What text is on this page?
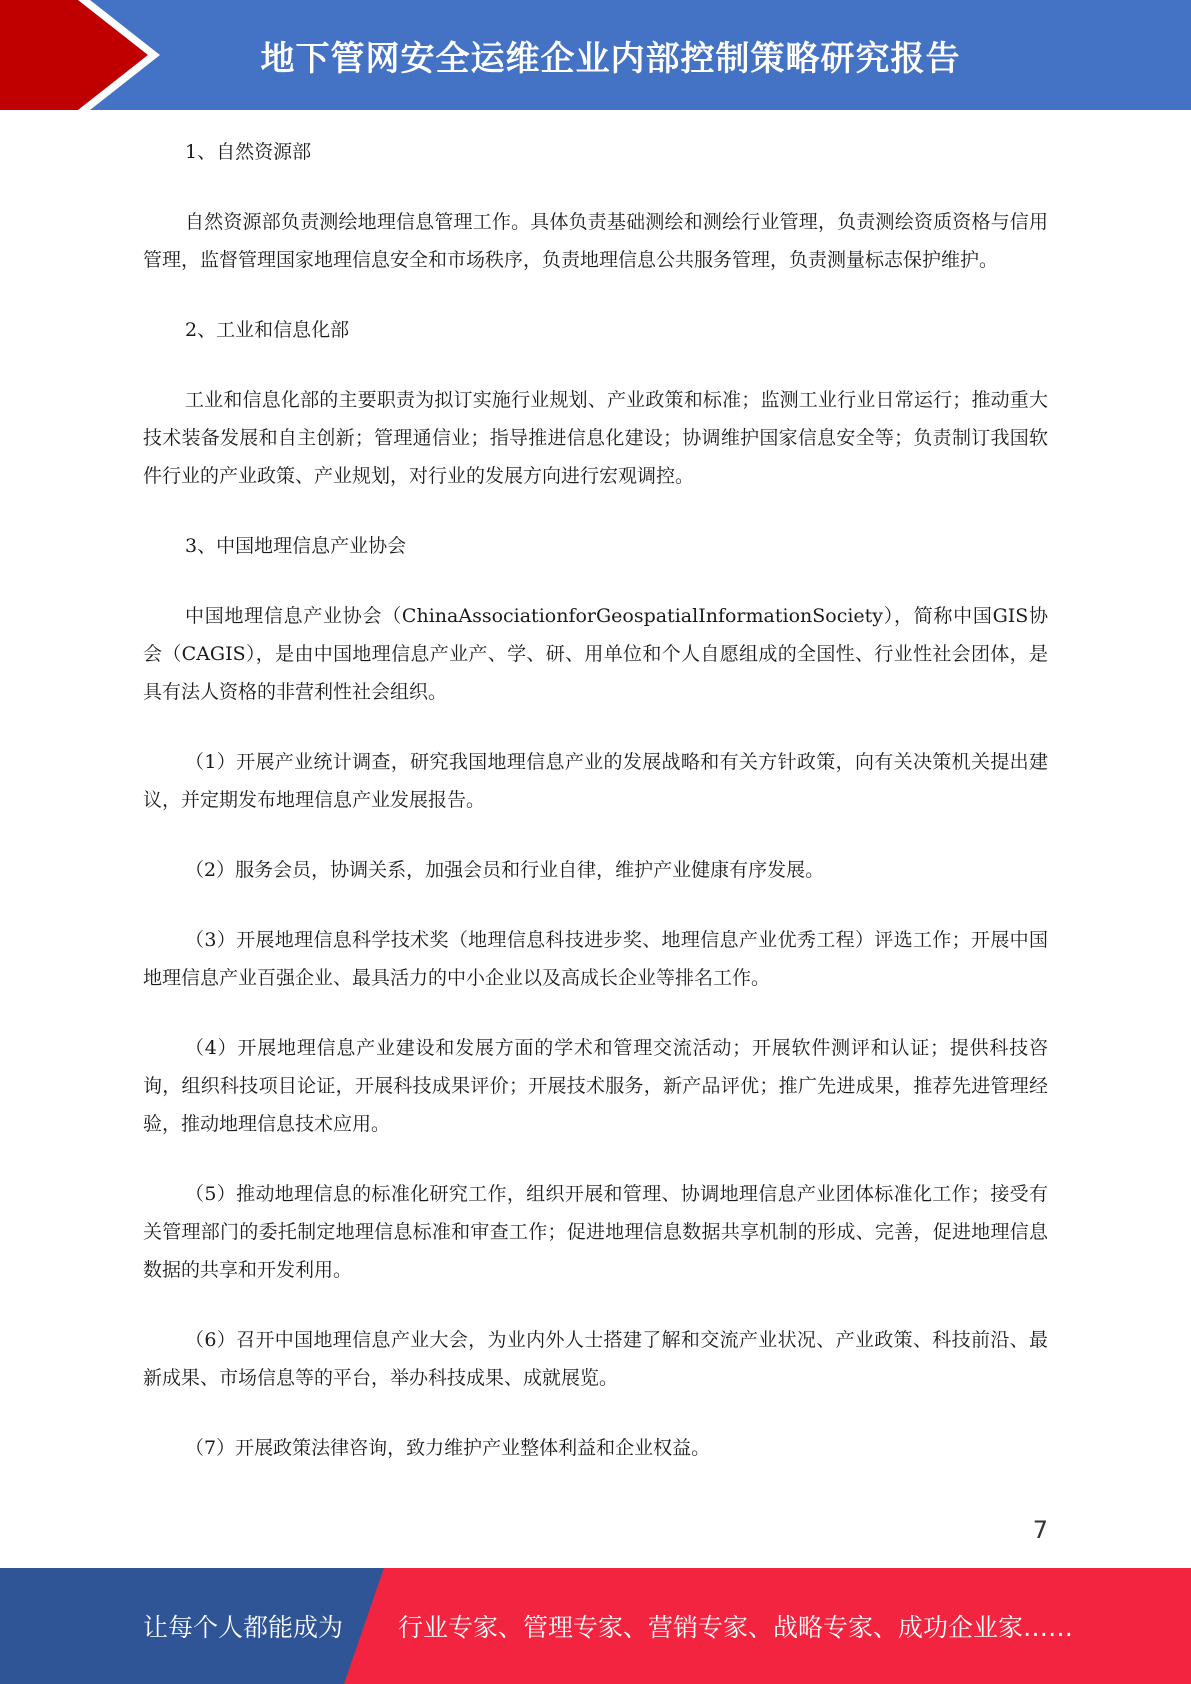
地下管网安全运维企业内部控制策略研究报告

1、自然资源部

自然资源部负责测绘地理信息管理工作。具体负责基础测绘和测绘行业管理，负责测绘资质资格与信用管理，监督管理国家地理信息安全和市场秩序，负责地理信息公共服务管理，负责测量标志保护维护。

2、工业和信息化部

工业和信息化部的主要职责为拟订实施行业规划、产业政策和标准；监测工业行业日常运行；推动重大技术装备发展和自主创新；管理通信业；指导推进信息化建设；协调维护国家信息安全等；负责制订我国软件行业的产业政策、产业规划，对行业的发展方向进行宏观调控。

3、中国地理信息产业协会

中国地理信息产业协会（ChinaAssociationforGeospatialInformationSociety），简称中国GIS协会（CAGIS），是由中国地理信息产业产、学、研、用单位和个人自愿组成的全国性、行业性社会团体，是具有法人资格的非营利性社会组织。

（1）开展产业统计调查，研究我国地理信息产业的发展战略和有关方针政策，向有关决策机关提出建议，并定期发布地理信息产业发展报告。

（2）服务会员，协调关系，加强会员和行业自律，维护产业健康有序发展。

（3）开展地理信息科学技术奖（地理信息科技进步奖、地理信息产业优秀工程）评选工作；开展中国地理信息产业百强企业、最具活力的中小企业以及高成长企业等排名工作。

（4）开展地理信息产业建设和发展方面的学术和管理交流活动；开展软件测评和认证；提供科技咨询，组织科技项目论证，开展科技成果评价；开展技术服务，新产品评优；推广先进成果，推荐先进管理经验，推动地理信息技术应用。

（5）推动地理信息的标准化研究工作，组织开展和管理、协调地理信息产业团体标准化工作；接受有关管理部门的委托制定地理信息标准和审查工作；促进地理信息数据共享机制的形成、完善，促进地理信息数据的共享和开发利用。

（6）召开中国地理信息产业大会，为业内外人士搭建了解和交流产业状况、产业政策、科技前沿、最新成果、市场信息等的平台，举办科技成果、成就展览。

（7）开展政策法律咨询，致力维护产业整体利益和企业权益。

7
让每个人都能成为 行业专家、管理专家、营销专家、战略专家、成功企业家……
